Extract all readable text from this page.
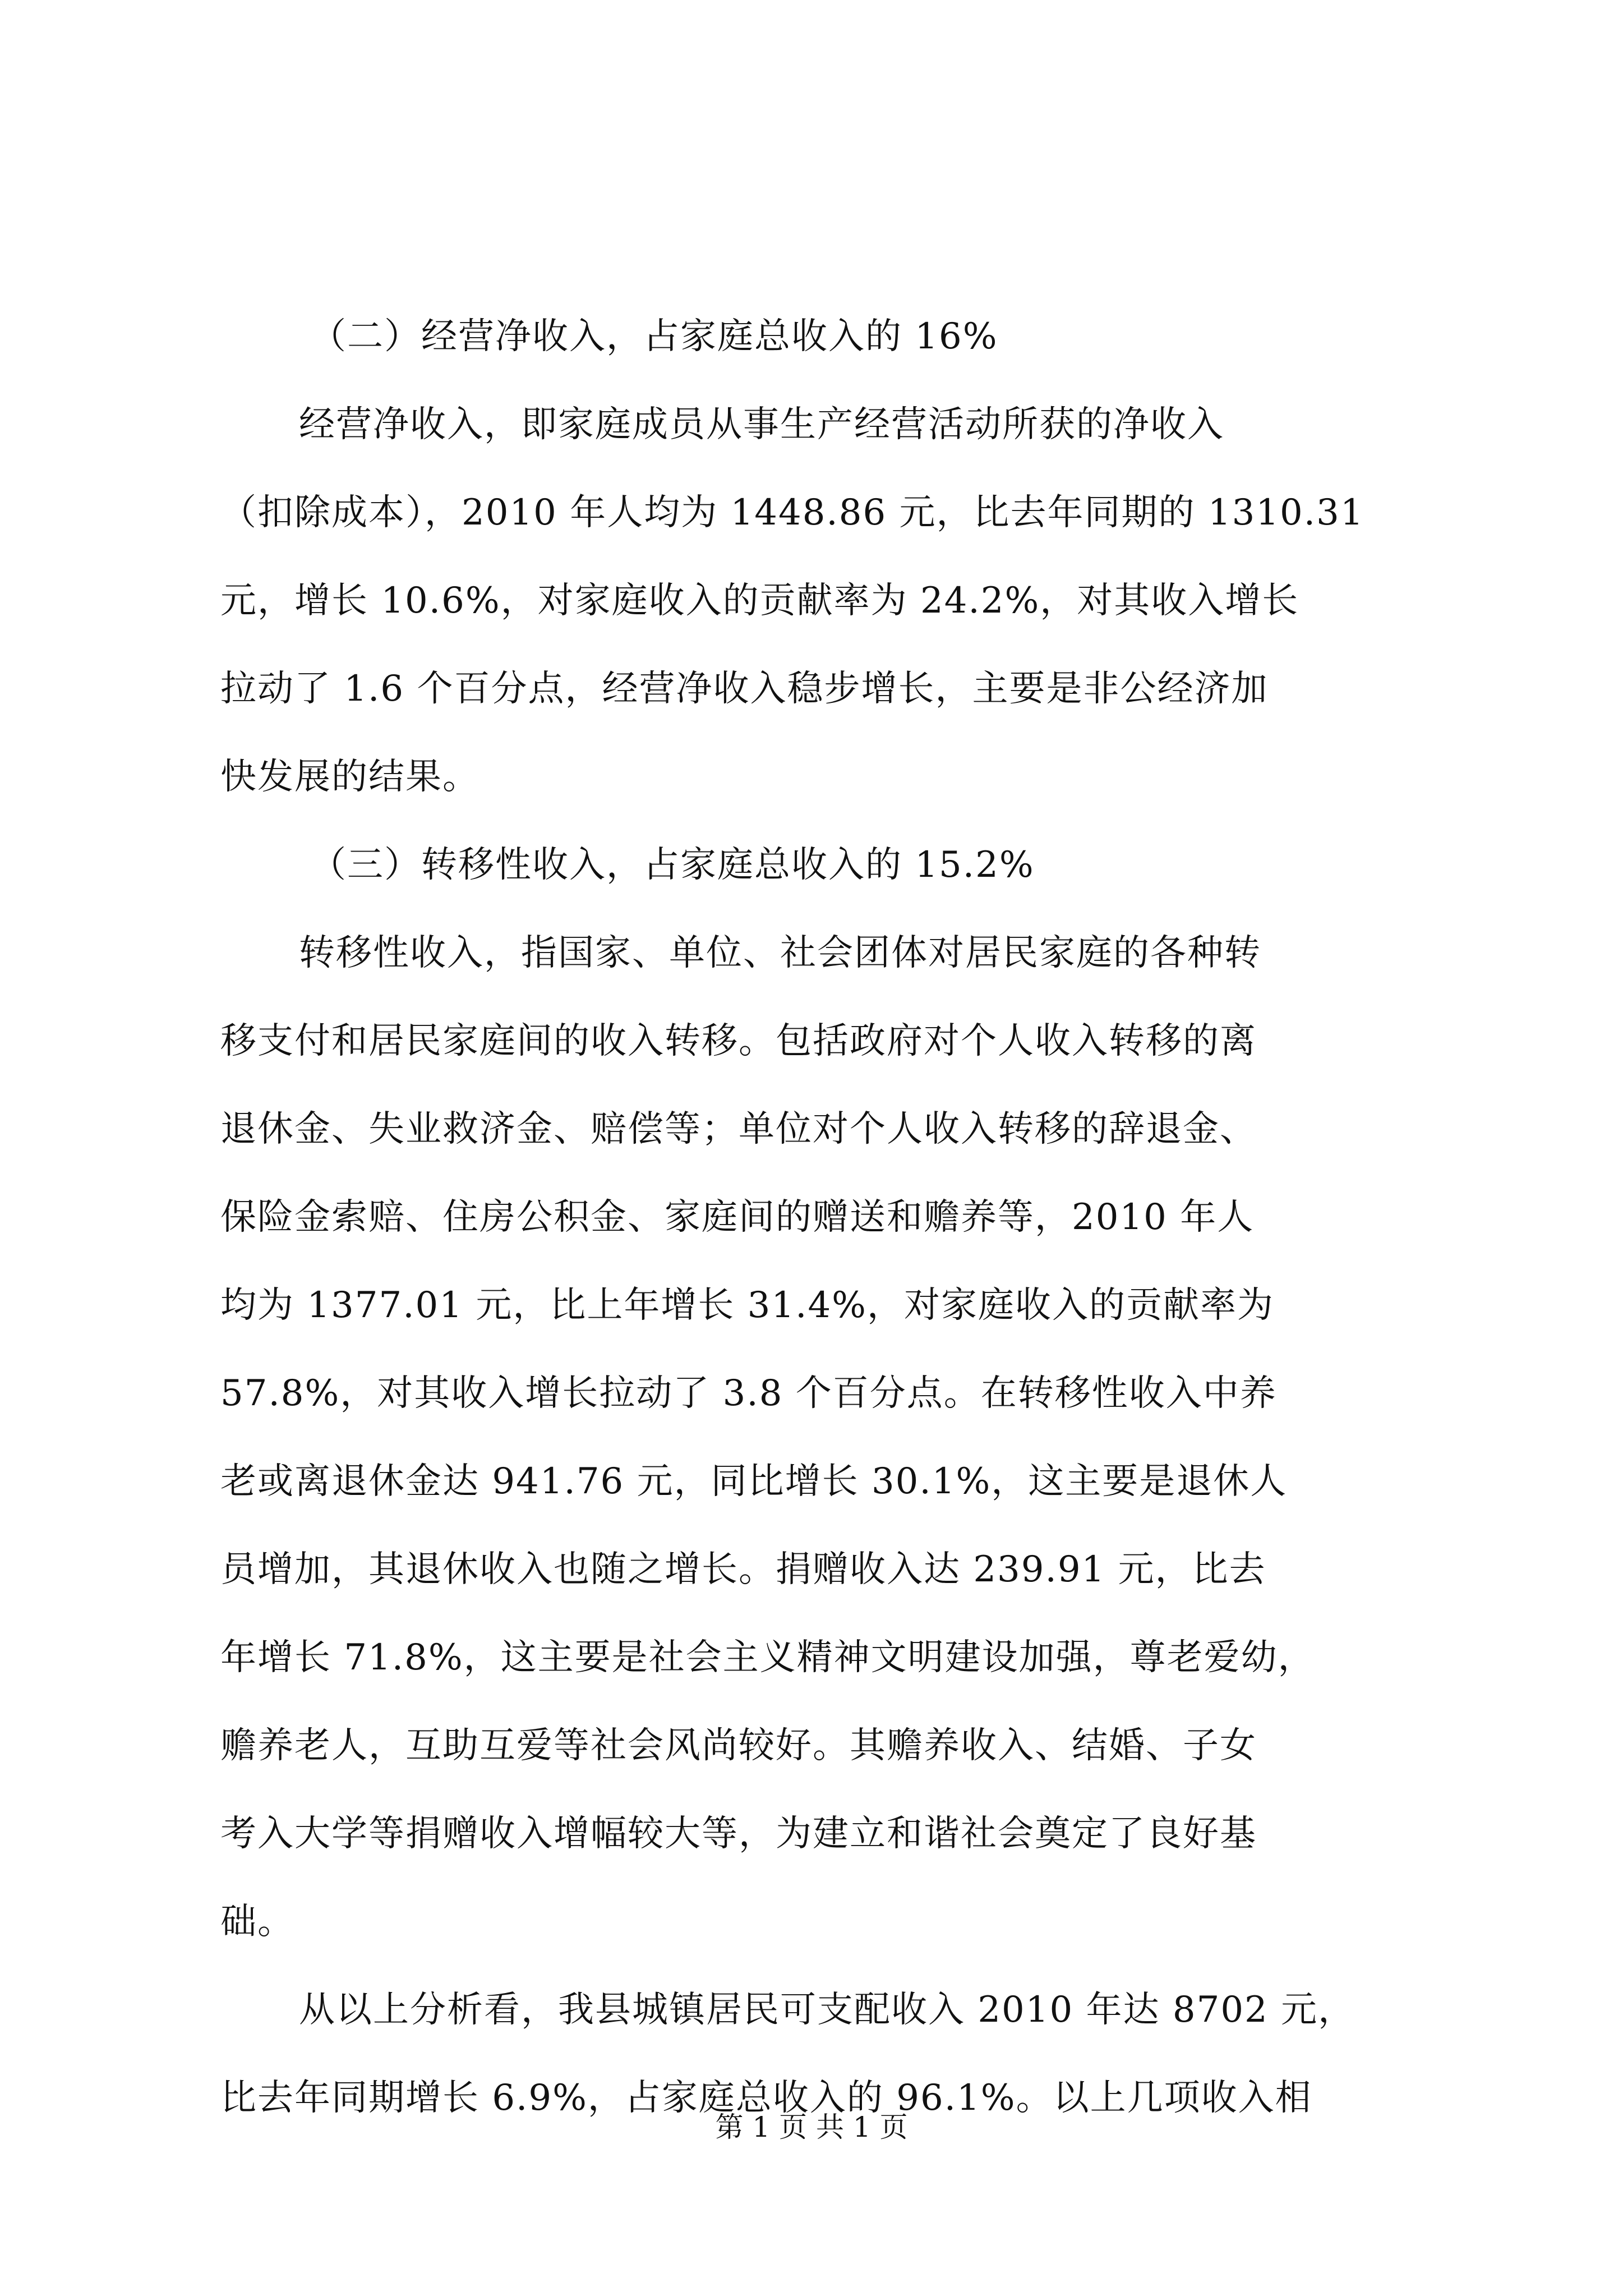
（二）经营净收入，占家庭总收入的 16%
经营净收入，即家庭成员从事生产经营活动所获的净收入
（扣除成本），2010 年人均为 1448.86 元，比去年同期的 1310.31
元，增长 10.6%，对家庭收入的贡献率为 24.2%，对其收入增长
拉动了 1.6 个百分点，经营净收入稳步增长，主要是非公经济加
快发展的结果。
（三）转移性收入，占家庭总收入的 15.2%
转移性收入，指国家、单位、社会团体对居民家庭的各种转
移支付和居民家庭间的收入转移。包括政府对个人收入转移的离
退休金、失业救济金、赔偿等；单位对个人收入转移的辞退金、
保险金索赔、住房公积金、家庭间的赠送和赡养等，2010 年人
均为 1377.01 元，比上年增长 31.4%，对家庭收入的贡献率为
57.8%，对其收入增长拉动了 3.8 个百分点。在转移性收入中养
老或离退休金达 941.76 元，同比增长 30.1%，这主要是退休人
员增加，其退休收入也随之增长。捐赠收入达 239.91 元，比去
年增长 71.8%，这主要是社会主义精神文明建设加强，尊老爱幼，
赡养老人，互助互爱等社会风尚较好。其赡养收入、结婚、子女
考入大学等捐赠收入增幅较大等，为建立和谐社会奠定了良好基
础。
从以上分析看，我县城镇居民可支配收入 2010 年达 8702 元，
比去年同期增长 6.9%，占家庭总收入的 96.1%。以上几项收入相
第 1 页 共 1 页
